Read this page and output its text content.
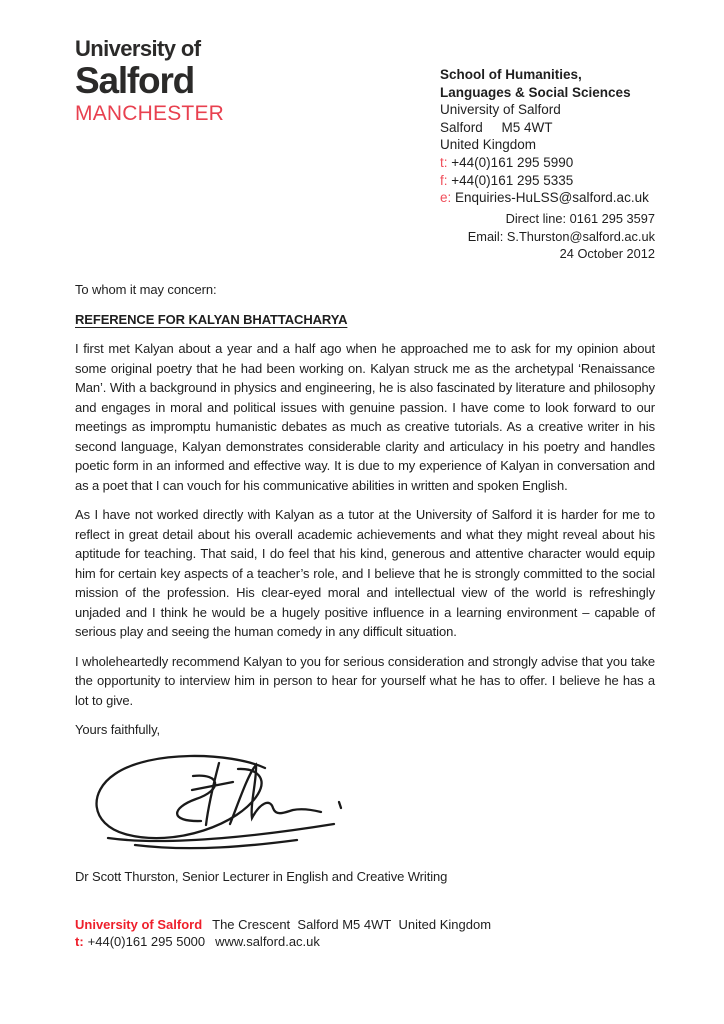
University of
Salford
MANCHESTER
School of Humanities,
Languages & Social Sciences
University of Salford
Salford     M5 4WT
United Kingdom
t: +44(0)161 295 5990
f: +44(0)161 295 5335
e: Enquiries-HuLSS@salford.ac.uk
Direct line: 0161 295 3597
Email: S.Thurston@salford.ac.uk
24 October 2012

To whom it may concern:

REFERENCE FOR KALYAN BHATTACHARYA

I first met Kalyan about a year and a half ago when he approached me to ask for my opinion about some original poetry that he had been working on. Kalyan struck me as the archetypal ‘Renaissance Man’. With a background in physics and engineering, he is also fascinated by literature and philosophy and engages in moral and political issues with genuine passion. I have come to look forward to our meetings as impromptu humanistic debates as much as creative tutorials. As a creative writer in his second language, Kalyan demonstrates considerable clarity and articulacy in his poetry and handles poetic form in an informed and effective way. It is due to my experience of Kalyan in conversation and as a poet that I can vouch for his communicative abilities in written and spoken English.

As I have not worked directly with Kalyan as a tutor at the University of Salford it is harder for me to reflect in great detail about his overall academic achievements and what they might reveal about his aptitude for teaching. That said, I do feel that his kind, generous and attentive character would equip him for certain key aspects of a teacher’s role, and I believe that he is strongly committed to the social mission of the profession. His clear-eyed moral and intellectual view of the world is refreshingly unjaded and I think he would be a hugely positive influence in a learning environment – capable of serious play and seeing the human comedy in any difficult situation.

I wholeheartedly recommend Kalyan to you for serious consideration and strongly advise that you take the opportunity to interview him in person to hear for yourself what he has to offer. I believe he has a lot to give.

Yours faithfully,

Dr Scott Thurston, Senior Lecturer in English and Creative Writing

University of Salford The Crescent  Salford M5 4WT  United Kingdom
t: +44(0)161 295 5000 www.salford.ac.uk
